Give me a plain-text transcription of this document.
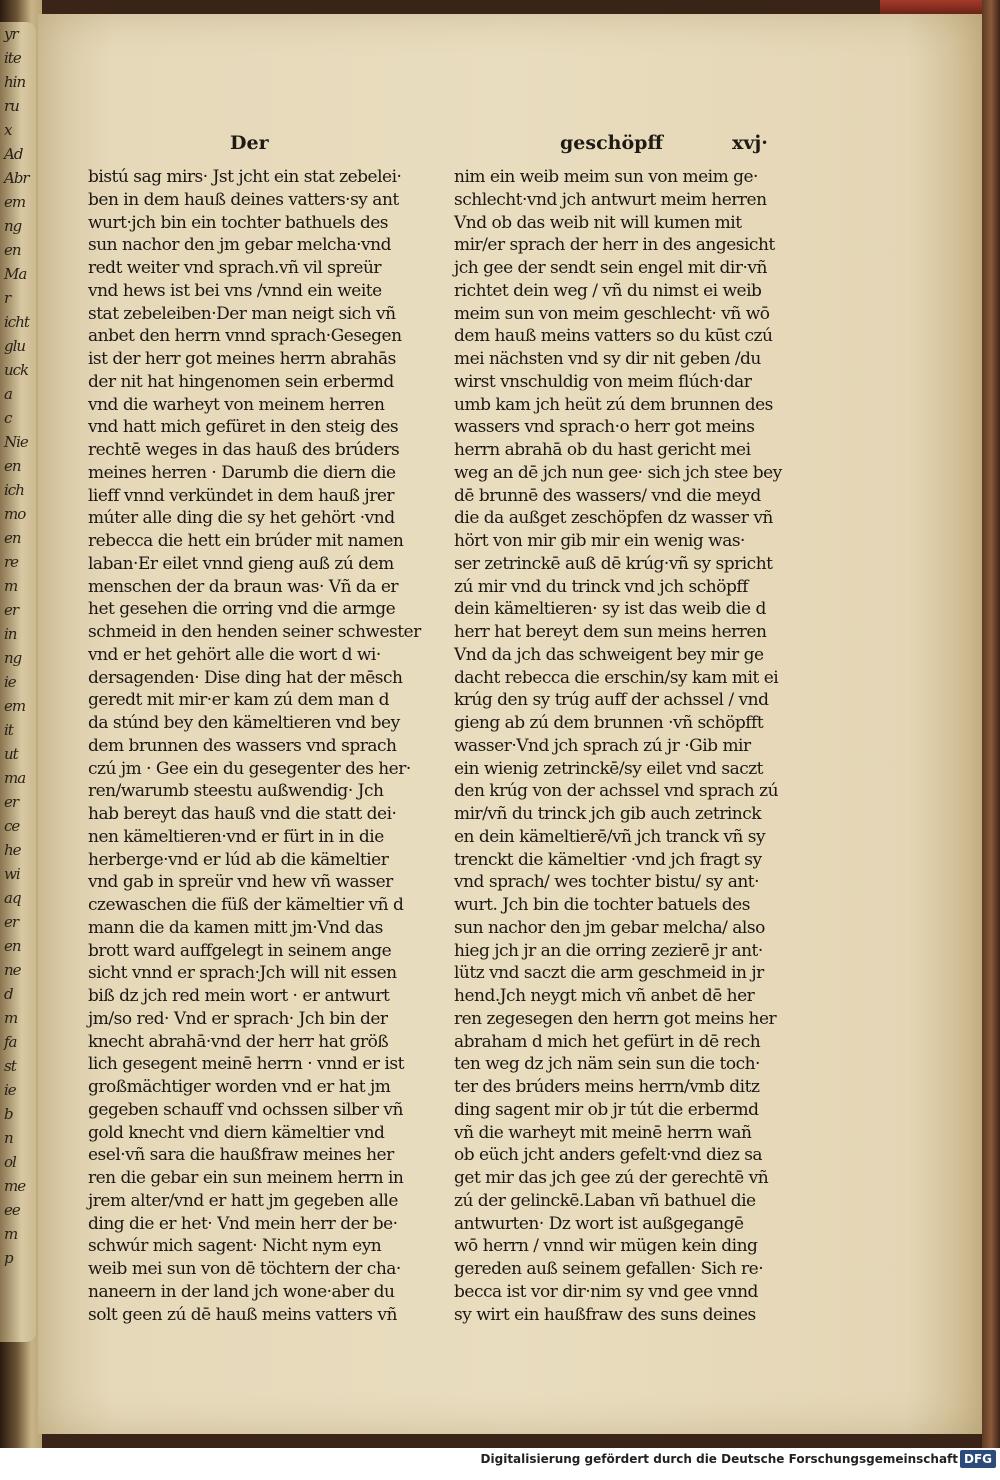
yr
ite
hin
ru
x
Ad
Abr
em
ng
en
Ma
r
icht
glu
uck
a
c
Nie
en
ich
mo
en
re
m
er
in
ng
ie
em
it
ut
ma
er
ce
he
wi
aq
er
en
ne
d
m
fa
st
ie
b
n
ol
me
ee
m
p
Der	geschöpff	xvj·
bistú sag mirs· Jst jcht ein stat zebelei·
ben in dem hauß deines vatters·sy ant
wurt·jch bin ein tochter bathuels des
sun nachor den jm gebar melcha·vnd
redt weiter vnd sprach.vñ vil spreür
vnd hews ist bei vns /vnnd ein weite
stat zebeleiben·Der man neigt sich vñ
anbet den herrn vnnd sprach·Gesegen
ist der herr got meines herrn abrahās
der nit hat hingenomen sein erbermd
vnd die warheyt von meinem herren
vnd hatt mich gefüret in den steig des
rechtē weges in das hauß des brúders
meines herren · Darumb die diern die
lieff vnnd verkündet in dem hauß jrer
múter alle ding die sy het gehört ·vnd
rebecca die hett ein brúder mit namen
laban·Er eilet vnnd gieng auß zú dem
menschen der da braun was· Vñ da er
het gesehen die orring vnd die armge
schmeid in den henden seiner schwester
vnd er het gehört alle die wort d wi·
dersagenden· Dise ding hat der mēsch
geredt mit mir·er kam zú dem man d
da stúnd bey den kämeltieren vnd bey
dem brunnen des wassers vnd sprach
czú jm · Gee ein du gesegenter des her·
ren/warumb steestu außwendig· Jch
hab bereyt das hauß vnd die statt dei·
nen kämeltieren·vnd er fürt in in die
herberge·vnd er lúd ab die kämeltier
vnd gab in spreür vnd hew vñ wasser
czewaschen die füß der kämeltier vñ d
mann die da kamen mitt jm·Vnd das
brott ward auffgelegt in seinem ange
sicht vnnd er sprach·Jch will nit essen
biß dz jch red mein wort · er antwurt
jm/so red· Vnd er sprach· Jch bin der
knecht abrahā·vnd der herr hat größ
lich gesegent meinē herrn · vnnd er ist
großmächtiger worden vnd er hat jm
gegeben schauff vnd ochssen silber vñ
gold knecht vnd diern kämeltier vnd
esel·vñ sara die haußfraw meines her
ren die gebar ein sun meinem herrn in
jrem alter/vnd er hatt jm gegeben alle
ding die er het· Vnd mein herr der be·
schwúr mich sagent· Nicht nym eyn
weib mei sun von dē töchtern der cha·
naneern in der land jch wone·aber du
solt geen zú dē hauß meins vatters vñ
nim ein weib meim sun von meim ge·
schlecht·vnd jch antwurt meim herren
Vnd ob das weib nit will kumen mit
mir/er sprach der herr in des angesicht
jch gee der sendt sein engel mit dir·vñ
richtet dein weg / vñ du nimst ei weib
meim sun von meim geschlecht· vñ wō
dem hauß meins vatters so du kūst czú
mei nächsten vnd sy dir nit geben /du
wirst vnschuldig von meim flúch·dar
umb kam jch heüt zú dem brunnen des
wassers vnd sprach·o herr got meins
herrn abrahā ob du hast gericht mei
weg an dē jch nun gee· sich jch stee bey
dē brunnē des wassers/ vnd die meyd
die da außget zeschöpfen dz wasser vñ
hört von mir gib mir ein wenig was·
ser zetrinckē auß dē krúg·vñ sy spricht
zú mir vnd du trinck vnd jch schöpff
dein kämeltieren· sy ist das weib die d
herr hat bereyt dem sun meins herren
Vnd da jch das schweigent bey mir ge
dacht rebecca die erschin/sy kam mit ei
krúg den sy trúg auff der achssel / vnd
gieng ab zú dem brunnen ·vñ schöpfft
wasser·Vnd jch sprach zú jr ·Gib mir
ein wienig zetrinckē/sy eilet vnd saczt
den krúg von der achssel vnd sprach zú
mir/vñ du trinck jch gib auch zetrinck
en dein kämeltierē/vñ jch tranck vñ sy
trenckt die kämeltier ·vnd jch fragt sy
vnd sprach/ wes tochter bistu/ sy ant·
wurt. Jch bin die tochter batuels des
sun nachor den jm gebar melcha/ also
hieg jch jr an die orring zezierē jr ant·
lütz vnd saczt die arm geschmeid in jr
hend.Jch neygt mich vñ anbet dē her
ren zegesegen den herrn got meins her
abraham d mich het gefürt in dē rech
ten weg dz jch näm sein sun die toch·
ter des brúders meins herrn/vmb ditz
ding sagent mir ob jr tút die erbermd
vñ die warheyt mit meinē herrn wañ
ob eüch jcht anders gefelt·vnd diez sa
get mir das jch gee zú der gerechtē vñ
zú der gelinckē.Laban vñ bathuel die
antwurten· Dz wort ist außgegangē
wō herrn / vnnd wir mügen kein ding
gereden auß seinem gefallen· Sich re·
becca ist vor dir·nim sy vnd gee vnnd
sy wirt ein haußfraw des suns deines
Digitalisierung gefördert durch die Deutsche Forschungsgemeinschaft DFG
